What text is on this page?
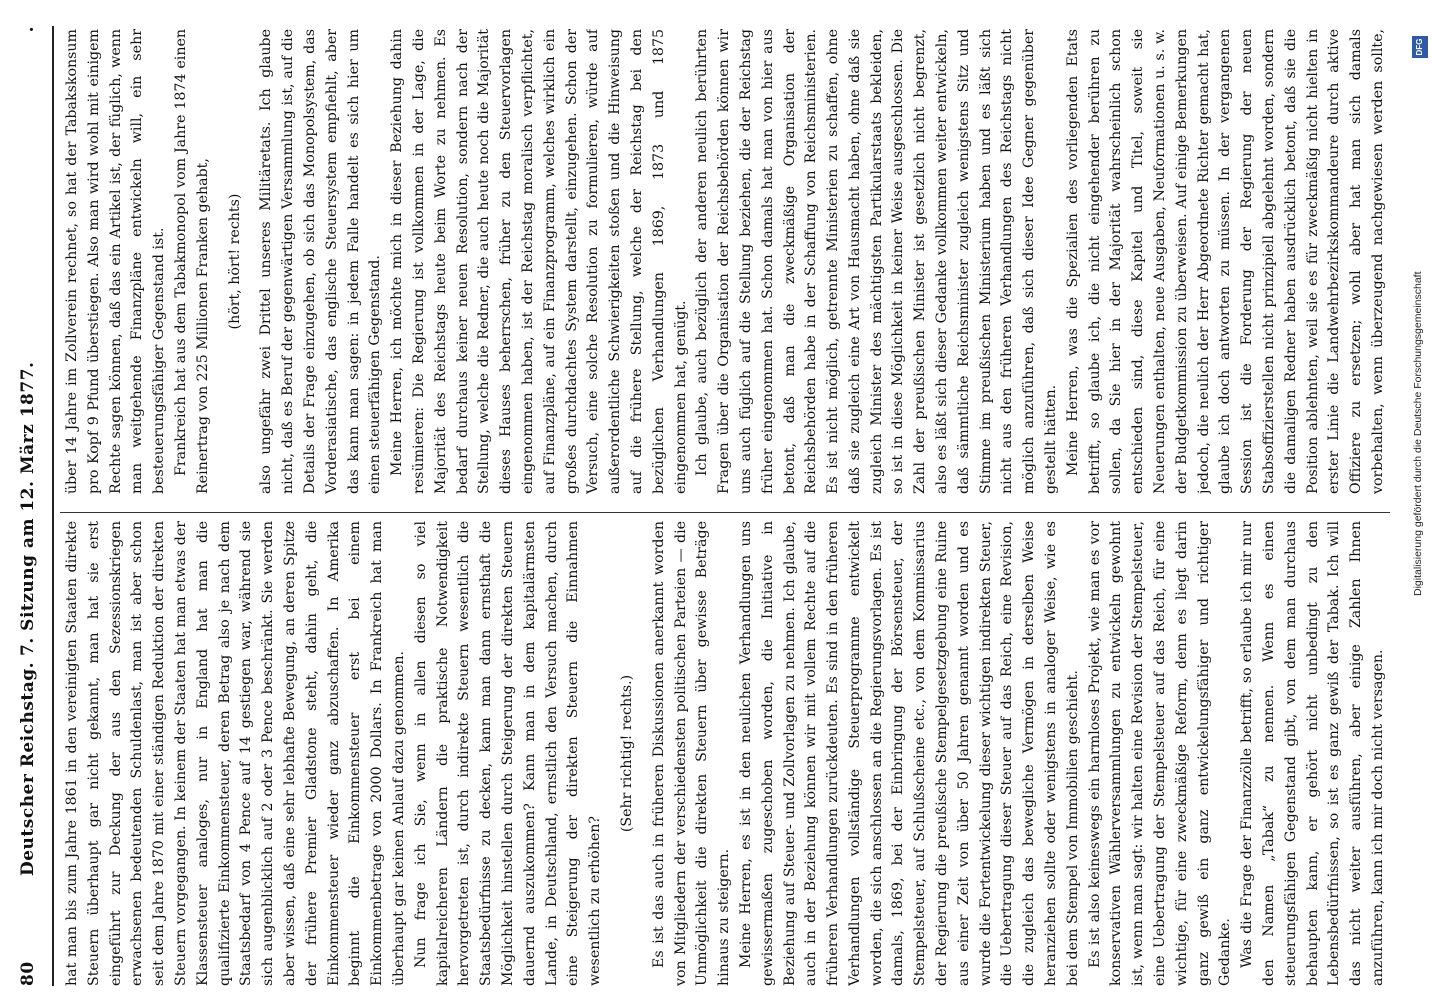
80
Deutscher Reichstag.
7. Sitzung am 12. März 1877.
.

hat man bis zum Jahre 1861 in den vereinigten Staaten direkte Steuern überhaupt gar nicht gekannt, man hat sie erst eingeführt zur Deckung der aus den Sezessionskriegen erwachsenen bedeutenden Schuldenlast, man ist aber schon seit dem Jahre 1870 mit einer ständigen Reduktion der direkten Steuern vorgegangen. In keinem der Staaten hat man etwas der Klassensteuer analoges, nur in England hat man die qualifizierte Einkommensteuer, deren Betrag also je nach dem Staatsbedarf von 4 Pence auf 14 gestiegen war, während sie sich augenblicklich auf 2 oder 3 Pence beschränkt. Sie werden aber wissen, daß eine sehr lebhafte Bewegung, an deren Spitze der frühere Premier Gladstone steht, dahin geht, die Einkommensteuer wieder ganz abzuschaffen. In Amerika beginnt die Einkommensteuer erst bei einem Einkommenbetrage von 2000 Dollars. In Frankreich hat man überhaupt gar keinen Anlauf dazu genommen. Nun frage ich Sie, wenn in allen diesen so viel kapitalreicheren Ländern die praktische Notwendigkeit hervorgetreten ist, durch indirekte Steuern wesentlich die Staatsbedürfnisse zu decken, kann man dann ernsthaft die Möglichkeit hinstellen durch Steigerung der direkten Steuern dauernd auszukommen? Kann man in dem kapitalärmsten Lande, in Deutschland, ernstlich den Versuch machen, durch eine Steigerung der direkten Steuern die Einnahmen wesentlich zu erhöhen?

(Sehr richtig! rechts.) Es ist das auch in früheren Diskussionen anerkannt worden von Mitgliedern der verschiedensten politischen Parteien — die Unmöglichkeit die direkten Steuern über gewisse Beträge hinaus zu steigern. Meine Herren, es ist in den neulichen Verhandlungen uns gewissermaßen zugeschoben worden, die Initiative in Beziehung auf Steuer- und Zollvorlagen zu nehmen. Ich glaube, auch in der Beziehung können wir mit vollem Rechte auf die früheren Verhandlungen zurückdeuten. Es sind in den früheren Verhandlungen vollständige Steuerprogramme entwickelt worden, die sich anschlossen an die Regierungsvorlagen. Es ist damals, 1869, bei der Einbringung der Börsensteuer, der Stempelsteuer, auf Schlußscheine etc., von dem Kommissarius der Regierung die preußische Stempelgesetzgebung eine Ruine aus einer Zeit von über 50 Jahren genannt worden und es wurde die Fortentwickelung dieser wichtigen indirekten Steuer, die Uebertragung dieser Steuer auf das Reich, eine Revision, die zugleich das bewegliche Vermögen in derselben Weise heranziehen sollte oder wenigstens in analoger Weise, wie es bei dem Stempel von Immobilien geschieht. Es ist also keineswegs ein harmloses Projekt, wie man es vor konservativen Wählerversammlungen zu entwickeln gewohnt ist, wenn man sagt: wir halten eine Revision der Stempelsteuer, eine Uebertragung der Stempelsteuer auf das Reich, für eine wichtige, für eine zweckmäßige Reform, denn es liegt darin ganz gewiß ein ganz entwickelungsfähiger und richtiger Gedanke. Was die Frage der Finanzzölle betrifft, so erlaube ich mir nur den Namen „Tabak“ zu nennen. Wenn es einen steuerungsfähigen Gegenstand gibt, von dem man durchaus behaupten kann, er gehört nicht unbedingt zu den Lebensbedürfnissen, so ist es ganz gewiß der Tabak. Ich will das nicht weiter ausführen, aber einige Zahlen Ihnen anzuführen, kann ich mir doch nicht versagen.

über 14 Jahre im Zollverein rechnet, so hat der Tabakskonsum pro Kopf 9 Pfund überstiegen. Also man wird wohl mit einigem Rechte sagen können, daß das ein Artikel ist, der füglich, wenn man weitgehende Finanzpläne entwickeln will, ein sehr besteuerungsfähiger Gegenstand ist. Frankreich hat aus dem Tabakmonopol vom Jahre 1874 einen Reinertrag von 225 Millionen Franken gehabt, (hört, hört! rechts) also ungefähr zwei Drittel unseres Militäretats. Ich glaube nicht, daß es Beruf der gegenwärtigen Versammlung ist, auf die Details der Frage einzugehen, ob sich das Monopolsystem, das Vorderasiatische, das englische Steuersystem empfiehlt, aber das kann man sagen: in jedem Falle handelt es sich hier um einen steuerfähigen Gegenstand. Meine Herren, ich möchte mich in dieser Beziehung dahin resümieren: Die Regierung ist vollkommen in der Lage, die Majorität des Reichstags heute beim Worte zu nehmen. Es bedarf durchaus keiner neuen Resolution, sondern nach der Stellung, welche die Redner, die auch heute noch die Majorität dieses Hauses beherrschen, früher zu den Steuervorlagen eingenommen haben, ist der Reichstag moralisch verpflichtet, auf Finanzpläne, auf ein Finanzprogramm, welches wirklich ein großes durchdachtes System darstellt, einzugehen. Schon der Versuch, eine solche Resolution zu formulieren, würde auf außerordentliche Schwierigkeiten stoßen und die Hinweisung auf die frühere Stellung, welche der Reichstag bei den bezüglichen Verhandlungen 1869, 1873 und 1875 eingenommen hat, genügt. Ich glaube, auch bezüglich der anderen neulich berührten Fragen über die Organisation der Reichsbehörden können wir uns auch füglich auf die Stellung beziehen, die der Reichstag früher eingenommen hat. Schon damals hat man von hier aus betont, daß man die zweckmäßige Organisation der Reichsbehörden habe in der Schaffung von Reichsministerien. Es ist nicht möglich, getrennte Ministerien zu schaffen, ohne daß sie zugleich eine Art von Hausmacht haben, ohne daß sie zugleich Minister des mächtigsten Partikularstaats bekleiden, so ist in diese Möglichkeit in keiner Weise ausgeschlossen. Die Zahl der preußischen Minister ist gesetzlich nicht begrenzt, also es läßt sich dieser Gedanke vollkommen weiter entwickeln, daß sämmtliche Reichsminister zugleich wenigstens Sitz und Stimme im preußischen Ministerium haben und es läßt sich nicht aus den früheren Verhandlungen des Reichstags nicht möglich anzuführen, daß sich dieser Idee Gegner gegenüber gestellt hätten. Meine Herren, was die Spezialien des vorliegenden Etats betrifft, so glaube ich, die nicht eingehender berühren zu sollen, da Sie hier in der Majorität wahrscheinlich schon entschieden sind, diese Kapitel und Titel, soweit sie Neuerungen enthalten, neue Ausgaben, Neuformationen u. s. w. der Budgetkommission zu überweisen. Auf einige Bemerkungen jedoch, die neulich der Herr Abgeordnete Richter gemacht hat, glaube ich doch antworten zu müssen. In der vergangenen Session ist die Forderung der Regierung der neuen Stabsoffizierstellen nicht prinzipiell abgelehnt worden, sondern die damaligen Redner haben ausdrücklich betont, daß sie die Position ablehnten, weil sie es für zweckmäßig nicht hielten in erster Linie die Landwehrbezirkskommandeure durch aktive Offiziere zu ersetzen; wohl aber hat man sich damals vorbehalten, wenn überzeugend nachgewiesen werden sollte,

Digitalisierung gefördert durch die Deutsche Forschungsgemeinschaft
DFG
